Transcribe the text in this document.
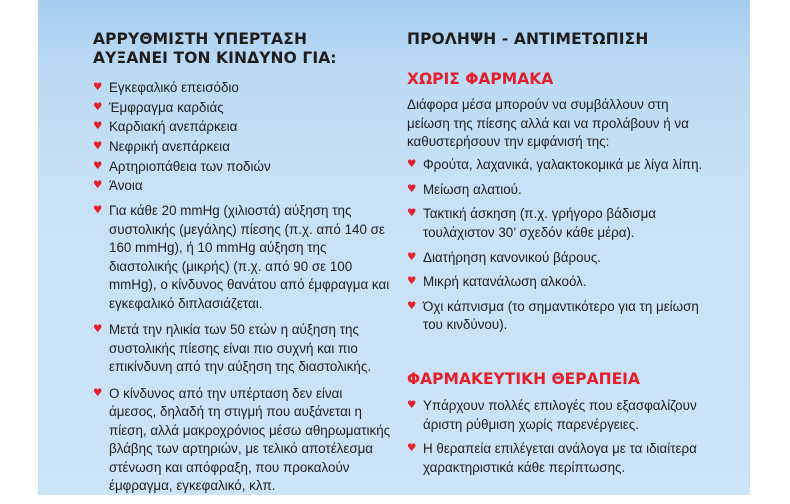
ΑΡΡΥΘΜΙΣΤΗ ΥΠΕΡΤΑΣΗ
ΑΥΞΑΝΕΙ ΤΟΝ ΚΙΝΔΥΝΟ ΓΙΑ:
♥ Εγκεφαλικό επεισόδιο
♥ Έμφραγμα καρδιάς
♥ Καρδιακή ανεπάρκεια
♥ Νεφρική ανεπάρκεια
♥ Αρτηριοπάθεια των ποδιών
♥ Άνοια
♥ Για κάθε 20 mmHg (χιλιοστά) αύξηση της συστολικής (μεγάλης) πίεσης (π.χ. από 140 σε 160 mmHg), ή 10 mmHg αύξηση της διαστολικής (μικρής) (π.χ. από 90 σε 100 mmHg), ο κίνδυνος θανάτου από έμφραγμα και εγκεφαλικό διπλασιάζεται.
♥ Μετά την ηλικία των 50 ετών η αύξηση της συστολικής πίεσης είναι πιο συχνή και πιο επικίνδυνη από την αύξηση της διαστολικής.
♥ Ο κίνδυνος από την υπέρταση δεν είναι άμεσος, δηλαδή τη στιγμή που αυξάνεται η πίεση, αλλά μακροχρόνιος μέσω αθηρωματικής βλάβης των αρτηριών, με τελικό αποτέλεσμα στένωση και απόφραξη, που προκαλούν έμφραγμα, εγκεφαλικό, κλπ.
ΠΡΟΛΗΨΗ - ΑΝΤΙΜΕΤΩΠΙΣΗ
ΧΩΡΙΣ ΦΑΡΜΑΚΑ

Διάφορα μέσα μπορούν να συμβάλλουν στη μείωση της πίεσης αλλά και να προλάβουν ή να καθυστερήσουν την εμφάνισή της:

♥ Φρούτα, λαχανικά, γαλακτοκομικά με λίγα λίπη.
♥ Μείωση αλατιού.
♥ Τακτική άσκηση (π.χ. γρήγορο βάδισμα τουλάχιστον 30’ σχεδόν κάθε μέρα).
♥ Διατήρηση κανονικού βάρους.
♥ Μικρή κατανάλωση αλκοόλ.
♥ Όχι κάπνισμα (το σημαντικότερο για τη μείωση του κινδύνου).
ΦΑΡΜΑΚΕΥΤΙΚΗ ΘΕΡΑΠΕΙΑ
♥ Υπάρχουν πολλές επιλογές που εξασφαλίζουν άριστη ρύθμιση χωρίς παρενέργειες.
♥ Η θεραπεία επιλέγεται ανάλογα με τα ιδιαίτερα χαρακτηριστικά κάθε περίπτωσης.
